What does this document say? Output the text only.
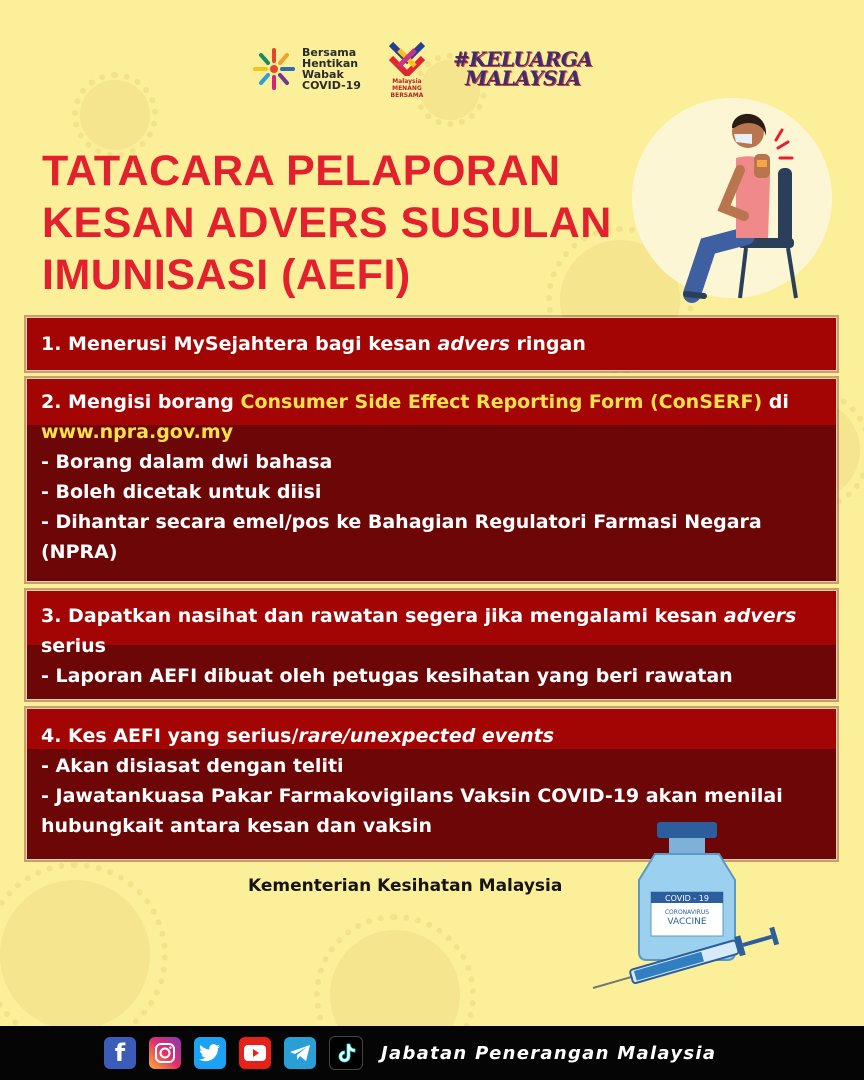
Bersama
Hentikan
Wabak
COVID-19	Malaysia
MENANG
BERSAMA
#KELUARGA
MALAYSIA
TATACARA PELAPORAN
KESAN ADVERS SUSULAN
IMUNISASI (AEFI)

1. Menerusi MySejahtera bagi kesan advers ringan

2. Mengisi borang Consumer Side Effect Reporting Form (ConSERF) di

www.npra.gov.my

- Borang dalam dwi bahasa

- Boleh dicetak untuk diisi

- Dihantar secara emel/pos ke Bahagian Regulatori Farmasi Negara (NPRA)

3. Dapatkan nasihat dan rawatan segera jika mengalami kesan advers serius

- Laporan AEFI dibuat oleh petugas kesihatan yang beri rawatan

4. Kes AEFI yang serius/rare/unexpected events

- Akan disiasat dengan teliti

- Jawatankuasa Pakar Farmakovigilans Vaksin COVID-19 akan menilai hubungkait antara kesan dan vaksin

Kementerian Kesihatan Malaysia

COVID - 19
CORONAVIRUS
VACCINE
f	Jabatan Penerangan Malaysia
